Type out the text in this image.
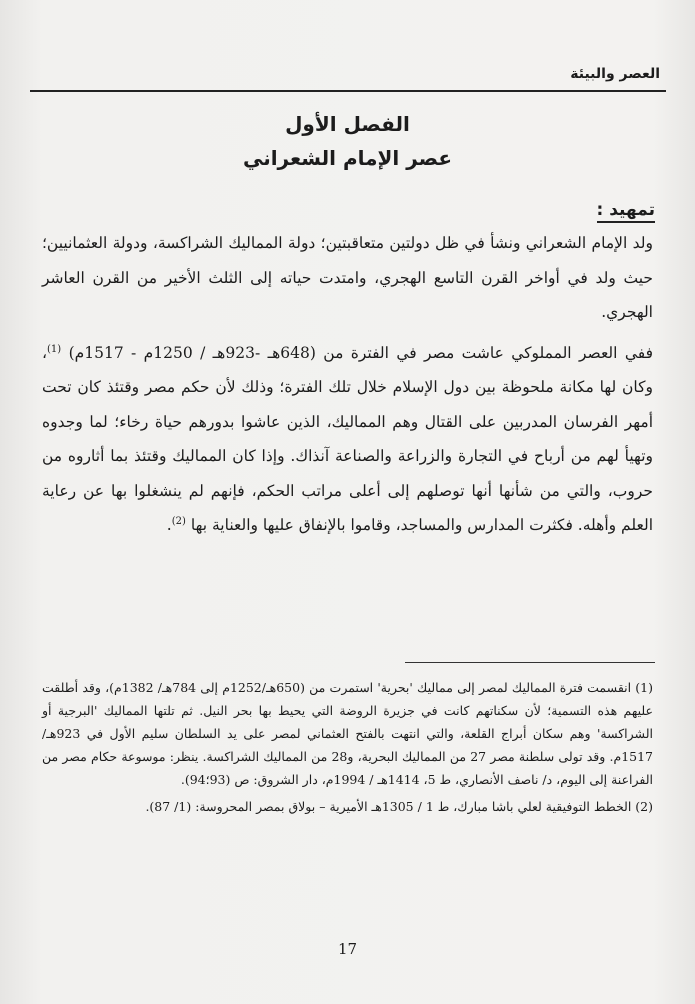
العصر والبيئة
الفصل الأول
عصر الإمام الشعراني
تمهيد :

ولد الإمام الشعراني ونشأ في ظل دولتين متعاقبتين؛ دولة المماليك الشراكسة، ودولة العثمانيين؛ حيث ولد في أواخر القرن التاسع الهجري، وامتدت حياته إلى الثلث الأخير من القرن العاشر الهجري.

ففي العصر المملوكي عاشت مصر في الفترة من (648هـ -923هـ / 1250م - 1517م) $^{(1)}$، وكان لها مكانة ملحوظة بين دول الإسلام خلال تلك الفترة؛ وذلك لأن حكم مصر وقتئذ كان تحت أمهر الفرسان المدربين على القتال وهم المماليك، الذين عاشوا بدورهم حياة رخاء؛ لما وجدوه وتهيأ لهم من أرباح في التجارة والزراعة والصناعة آنذاك. وإذا كان المماليك وقتئذ بما أثاروه من حروب، والتي من شأنها أنها توصلهم إلى أعلى مراتب الحكم، فإنهم لم ينشغلوا بها عن رعاية العلم وأهله. فكثرت المدارس والمساجد، وقاموا بالإنفاق عليها والعناية بها $^{(2)}$.

(1) انقسمت فترة المماليك لمصر إلى مماليك 'بحرية' استمرت من (650هـ/1252م إلى 784هـ/ 1382م)، وقد أطلقت عليهم هذه التسمية؛ لأن سكناتهم كانت في جزيرة الروضة التي يحيط بها بحر النيل. ثم تلتها المماليك 'البرجية أو الشراكسة' وهم سكان أبراج القلعة، والتي انتهت بالفتح العثماني لمصر على يد السلطان سليم الأول في 923هـ/ 1517م. وقد تولى سلطنة مصر 27 من المماليك البحرية، و28 من المماليك الشراكسة. ينظر: موسوعة حكام مصر من الفراعنة إلى اليوم، د/ ناصف الأنصاري، ط 5، 1414هـ / 1994م، دار الشروق: ص (93؛94).

(2) الخطط التوفيقية لعلي باشا مبارك، ط 1 / 1305هـ الأميرية – بولاق بمصر المحروسة: (1/ 87).

17
